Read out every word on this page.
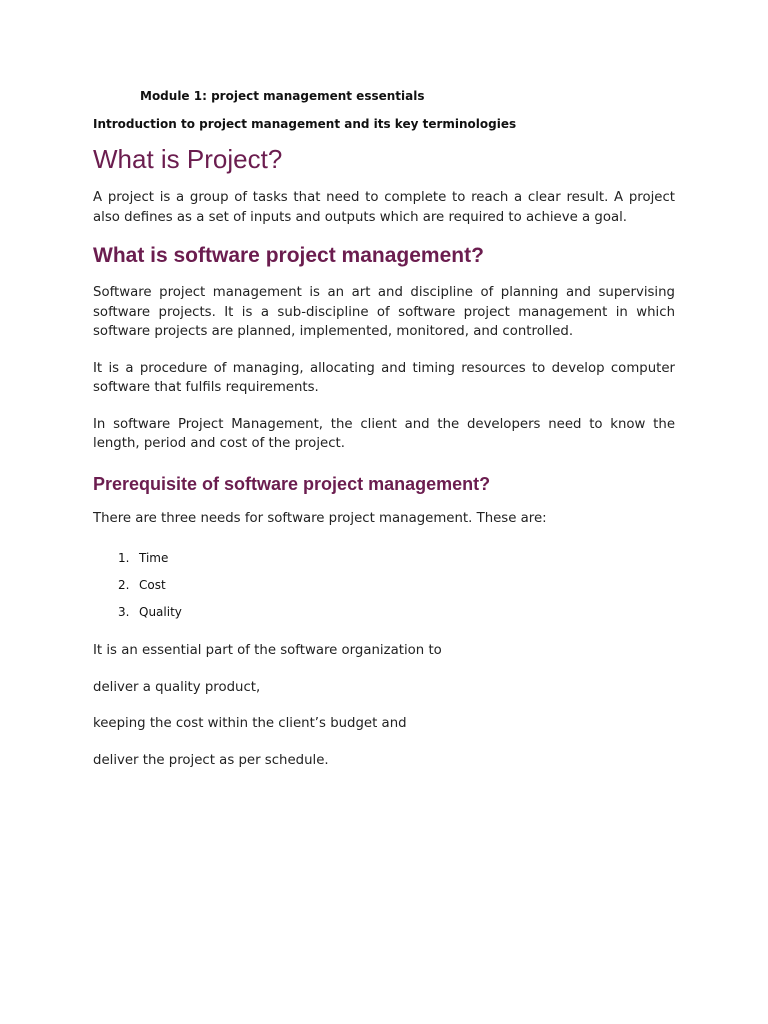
Module 1: project management essentials

Introduction to project management and its key terminologies

What is Project?

A project is a group of tasks that need to complete to reach a clear result. A project also defines as a set of inputs and outputs which are required to achieve a goal.

What is software project management?

Software project management is an art and discipline of planning and supervising software projects. It is a sub-discipline of software project management in which software projects are planned, implemented, monitored, and controlled.

It is a procedure of managing, allocating and timing resources to develop computer software that fulfils requirements.

In software Project Management, the client and the developers need to know the length, period and cost of the project.

Prerequisite of software project management?

There are three needs for software project management. These are:

1. Time
2. Cost
3. Quality

It is an essential part of the software organization to

deliver a quality product,

keeping the cost within the client’s budget and

deliver the project as per schedule.
